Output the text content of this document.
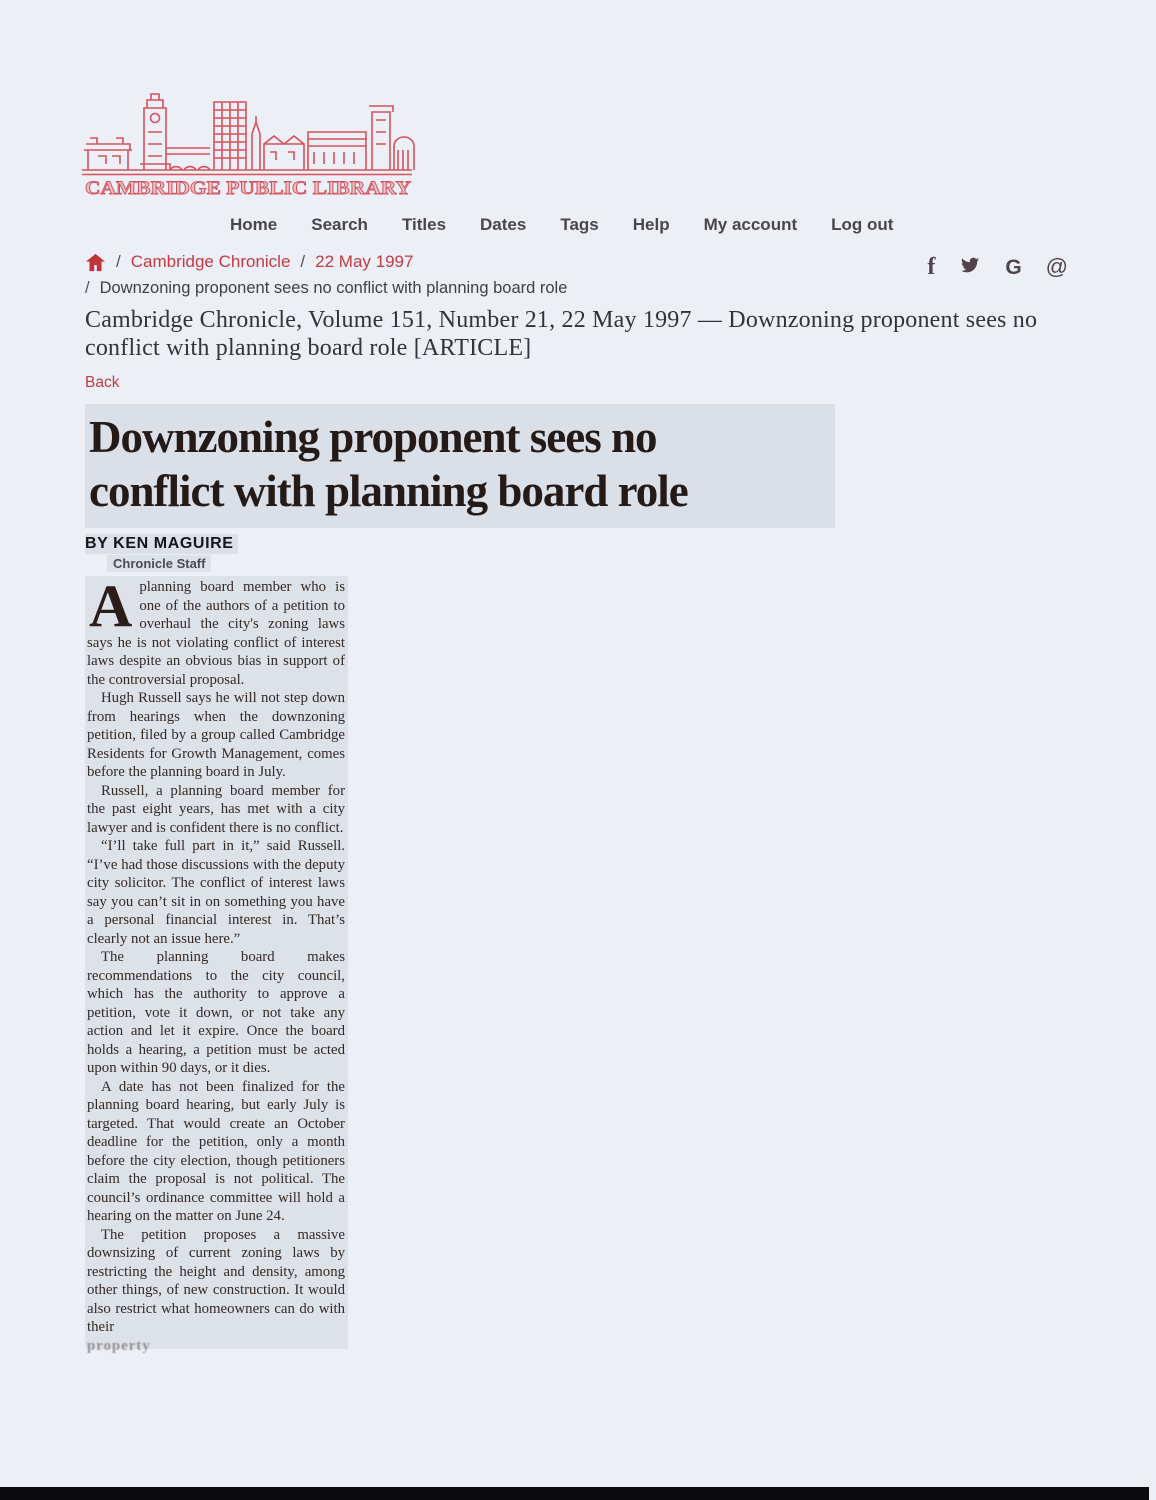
CAMBRIDGE PUBLIC LIBRARY
Home Search Titles Dates Tags Help My account Log out
/ Cambridge Chronicle / 22 May 1997
/ Downzoning proponent sees no conflict with planning board role
f	G @
Cambridge Chronicle, Volume 151, Number 21, 22 May 1997 — Downzoning proponent sees no conflict with planning board role [ARTICLE]
Back
Downzoning proponent sees no
conflict with planning board role
BY KEN MAGUIRE
Chronicle Staff

Aplanning board member who is one of the authors of a petition to overhaul the city's zoning laws says he is not violating conflict of interest laws despite an obvious bias in support of the controversial proposal.

Hugh Russell says he will not step down from hearings when the downzoning petition, filed by a group called Cambridge Residents for Growth Management, comes before the planning board in July.

Russell, a planning board member for the past eight years, has met with a city lawyer and is confident there is no conflict.

“I’ll take full part in it,” said Russell. “I’ve had those discussions with the deputy city solicitor. The conflict of interest laws say you can’t sit in on something you have a personal financial interest in. That’s clearly not an issue here.”

The planning board makes recommendations to the city council, which has the authority to approve a petition, vote it down, or not take any action and let it expire. Once the board holds a hearing, a petition must be acted upon within 90 days, or it dies.

A date has not been finalized for the planning board hearing, but early July is targeted. That would create an October deadline for the petition, only a month before the city election, though petitioners claim the proposal is not political. The council’s ordinance committee will hold a hearing on the matter on June 24.

The petition proposes a massive downsizing of current zoning laws by restricting the height and density, among other things, of new construction. It would also restrict what homeowners can do with their

property
